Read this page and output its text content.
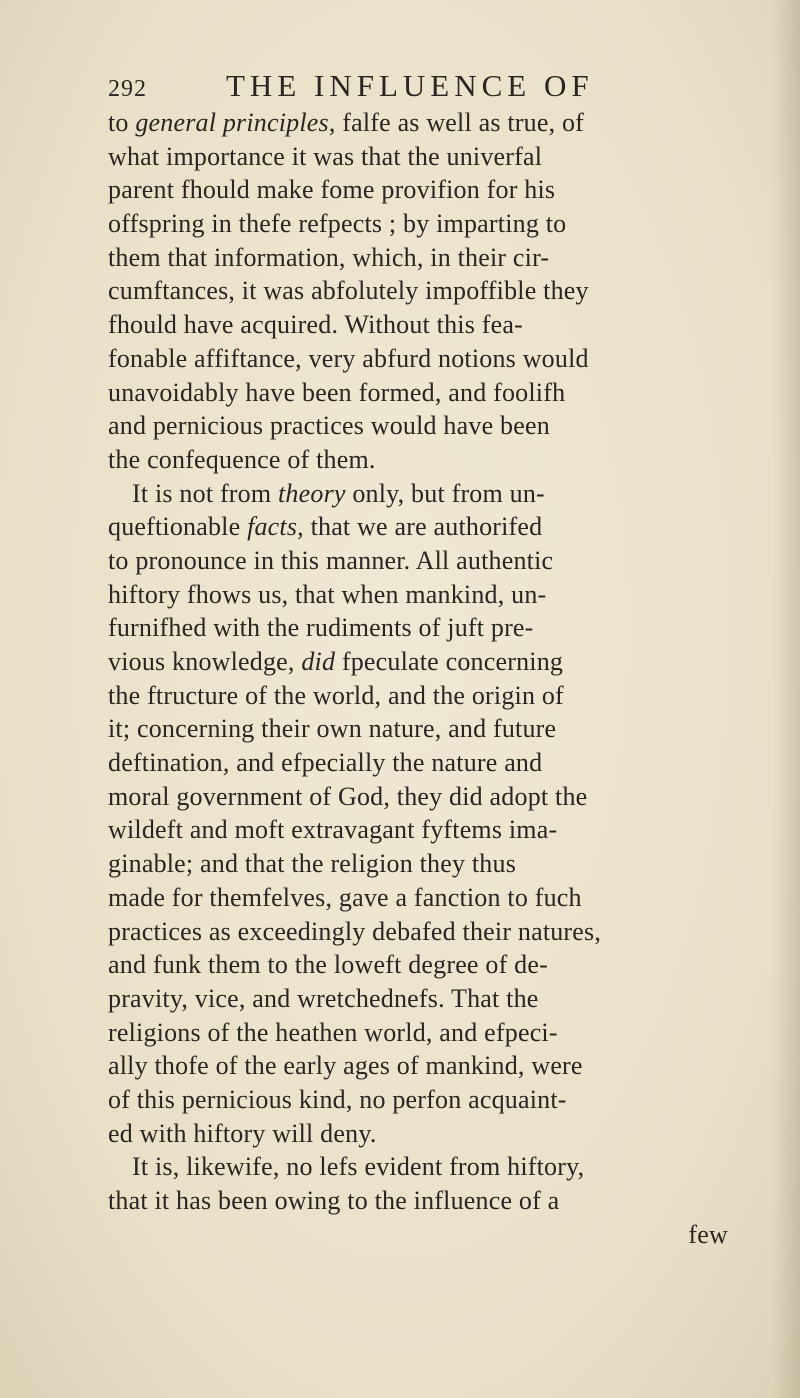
292	THE INFLUENCE OF
to general principles, falfe as well as true, of
what importance it was that the univerfal
parent fhould make fome provifion for his
offspring in thefe refpects ; by imparting to
them that information, which, in their cir-
cumftances, it was abfolutely impoffible they
fhould have acquired. Without this fea-
fonable affiftance, very abfurd notions would
unavoidably have been formed, and foolifh
and pernicious practices would have been
the confequence of them.
It is not from theory only, but from un-
queftionable facts, that we are authorifed
to pronounce in this manner. All authentic
hiftory fhows us, that when mankind, un-
furnifhed with the rudiments of juft pre-
vious knowledge, did fpeculate concerning
the ftructure of the world, and the origin of
it; concerning their own nature, and future
deftination, and efpecially the nature and
moral government of God, they did adopt the
wildeft and moft extravagant fyftems ima-
ginable; and that the religion they thus
made for themfelves, gave a fanction to fuch
practices as exceedingly debafed their natures,
and funk them to the loweft degree of de-
pravity, vice, and wretchednefs. That the
religions of the heathen world, and efpeci-
ally thofe of the early ages of mankind, were
of this pernicious kind, no perfon acquaint-
ed with hiftory will deny.
It is, likewife, no lefs evident from hiftory,
that it has been owing to the influence of a
few
